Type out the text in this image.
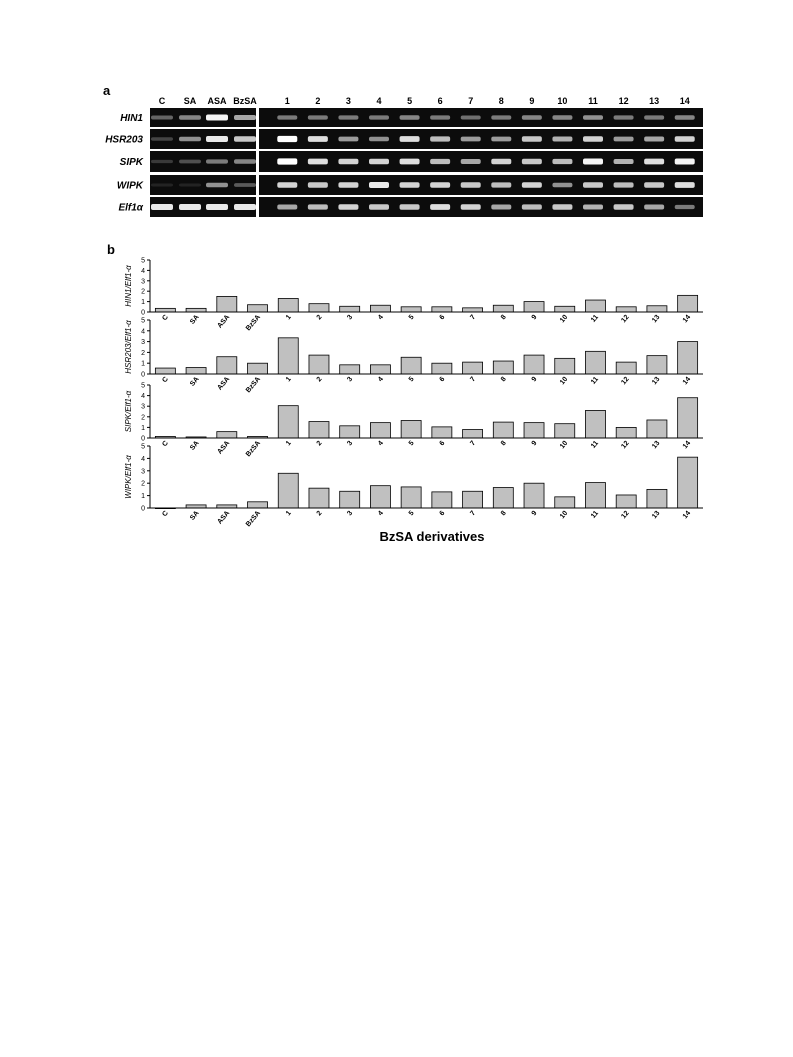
a
C SA ASA BzSA	1	2	3	4	5	6	7	8	9	10 11 12 13 14
HIN1
HSR203
SIPK
WIPK
Elf1α
b
0
1
2
3
4
5
C	SA ASA BzSA	1	2	3	4	5	6	7	8	9	10	11	12	13	14
HIN1/Elf1-α
0
1
2
3
4
5
C	SA ASA BzSA	1	2	3	4	5	6	7	8	9	10	11	12	13	14
HSR203/Elf1-α
0
1
2
3
4
5
C	SA ASA BzSA	1	2	3	4	5	6	7	8	9	10	11	12	13	14
SIPK/Elf1-α
0
1
2
3
4
5
C	SA ASA BzSA	1	2	3	4	5	6	7	8	9	10	11	12	13	14
WIPK/Elf1-α
BzSA derivatives
